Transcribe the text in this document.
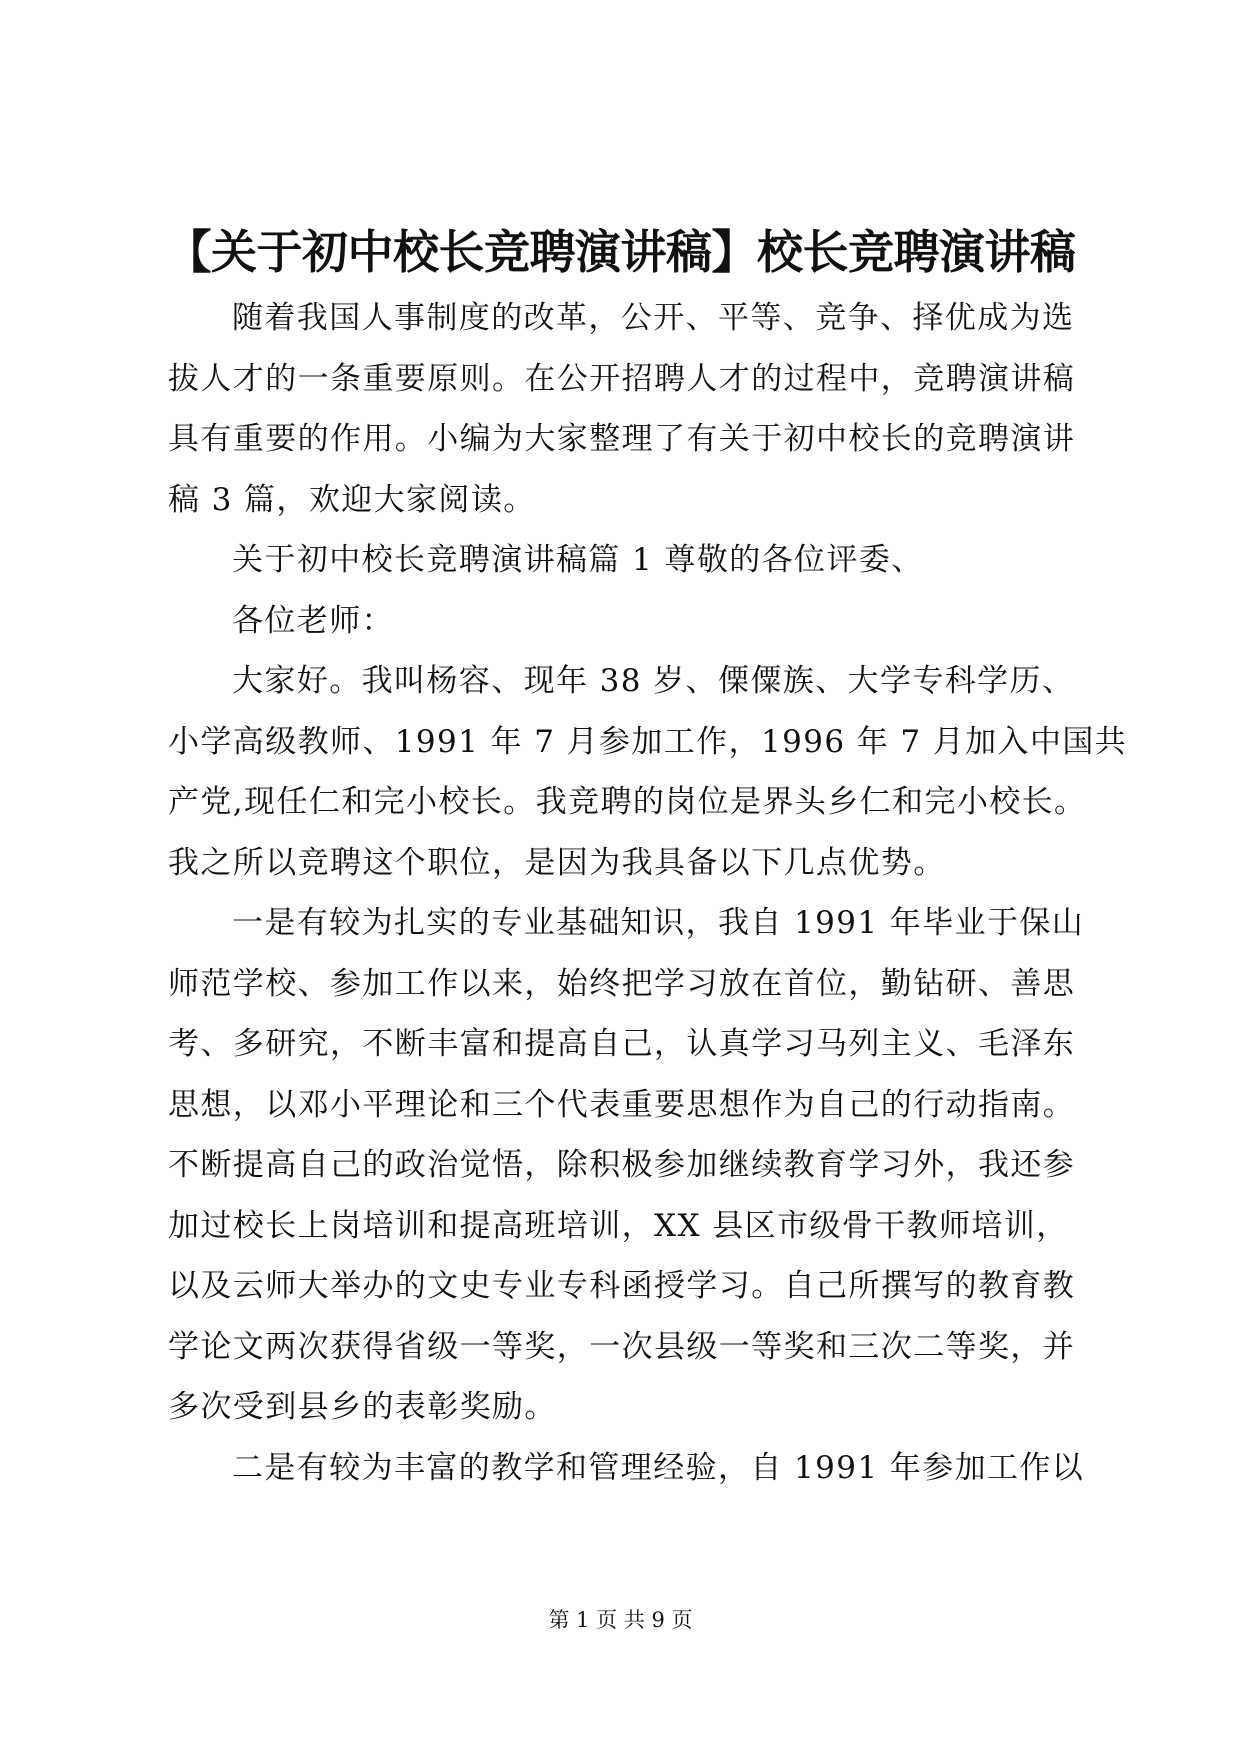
【关于初中校长竞聘演讲稿】校长竞聘演讲稿
随着我国人事制度的改革，公开、平等、竞争、择优成为选
拔人才的一条重要原则。在公开招聘人才的过程中，竞聘演讲稿
具有重要的作用。小编为大家整理了有关于初中校长的竞聘演讲
稿 3 篇，欢迎大家阅读。
关于初中校长竞聘演讲稿篇 1 尊敬的各位评委、
各位老师：
大家好。我叫杨容、现年 38 岁、傈僳族、大学专科学历、
小学高级教师、1991 年 7 月参加工作，1996 年 7 月加入中国共
产党,现任仁和完小校长。我竞聘的岗位是界头乡仁和完小校长。
我之所以竞聘这个职位，是因为我具备以下几点优势。
一是有较为扎实的专业基础知识，我自 1991 年毕业于保山
师范学校、参加工作以来，始终把学习放在首位，勤钻研、善思
考、多研究，不断丰富和提高自己，认真学习马列主义、毛泽东
思想，以邓小平理论和三个代表重要思想作为自己的行动指南。
不断提高自己的政治觉悟，除积极参加继续教育学习外，我还参
加过校长上岗培训和提高班培训，XX 县区市级骨干教师培训，
以及云师大举办的文史专业专科函授学习。自己所撰写的教育教
学论文两次获得省级一等奖，一次县级一等奖和三次二等奖，并
多次受到县乡的表彰奖励。
二是有较为丰富的教学和管理经验，自 1991 年参加工作以
第 1 页 共 9 页
